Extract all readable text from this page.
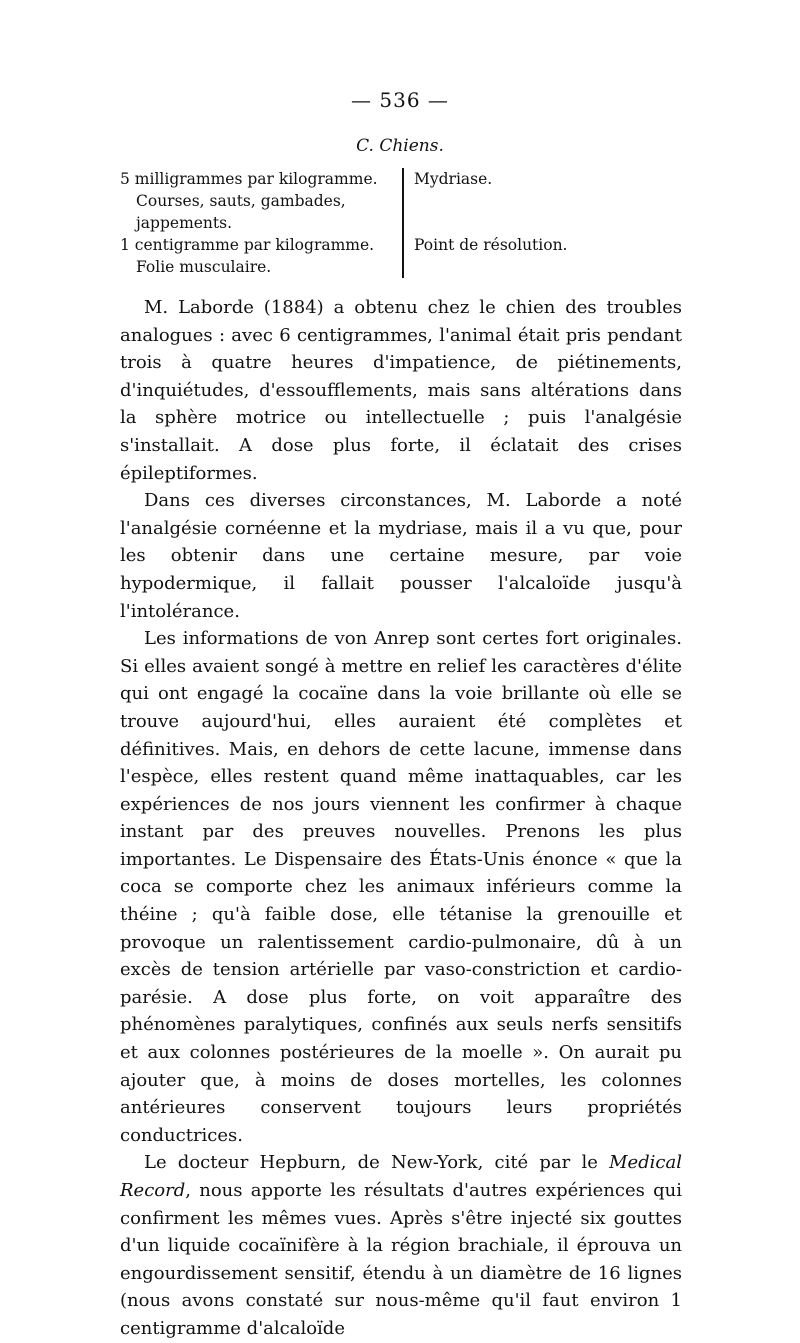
— 536 —
C. Chiens.
5 milligrammes par kilogramme.
Courses, sauts, gambades, jappements.
Mydriase.
1 centigramme par kilogramme.
Folie musculaire.
Point de résolution.

M. Laborde (1884) a obtenu chez le chien des troubles analogues : avec 6 centigrammes, l'animal était pris pendant trois à quatre heures d'impatience, de piétinements, d'inquiétudes, d'essoufflements, mais sans altérations dans la sphère motrice ou intellectuelle ; puis l'analgésie s'installait. A dose plus forte, il éclatait des crises épileptiformes.

Dans ces diverses circonstances, M. Laborde a noté l'analgésie cornéenne et la mydriase, mais il a vu que, pour les obtenir dans une certaine mesure, par voie hypodermique, il fallait pousser l'alcaloïde jusqu'à l'intolérance.

Les informations de von Anrep sont certes fort originales. Si elles avaient songé à mettre en relief les caractères d'élite qui ont engagé la cocaïne dans la voie brillante où elle se trouve aujourd'hui, elles auraient été complètes et définitives. Mais, en dehors de cette lacune, immense dans l'espèce, elles restent quand même inattaquables, car les expériences de nos jours viennent les confirmer à chaque instant par des preuves nouvelles. Prenons les plus importantes. Le Dispensaire des États-Unis énonce « que la coca se comporte chez les animaux inférieurs comme la théine ; qu'à faible dose, elle tétanise la grenouille et provoque un ralentissement cardio-pulmonaire, dû à un excès de tension artérielle par vaso-constriction et cardio-parésie. A dose plus forte, on voit apparaître des phénomènes paralytiques, confinés aux seuls nerfs sensitifs et aux colonnes postérieures de la moelle ». On aurait pu ajouter que, à moins de doses mortelles, les colonnes antérieures conservent toujours leurs propriétés conductrices.

Le docteur Hepburn, de New-York, cité par le Medical Record, nous apporte les résultats d'autres expériences qui confirment les mêmes vues. Après s'être injecté six gouttes d'un liquide cocaïnifère à la région brachiale, il éprouva un engourdissement sensitif, étendu à un diamètre de 16 lignes (nous avons constaté sur nous-même qu'il faut environ 1 centigramme d'alcaloïde
